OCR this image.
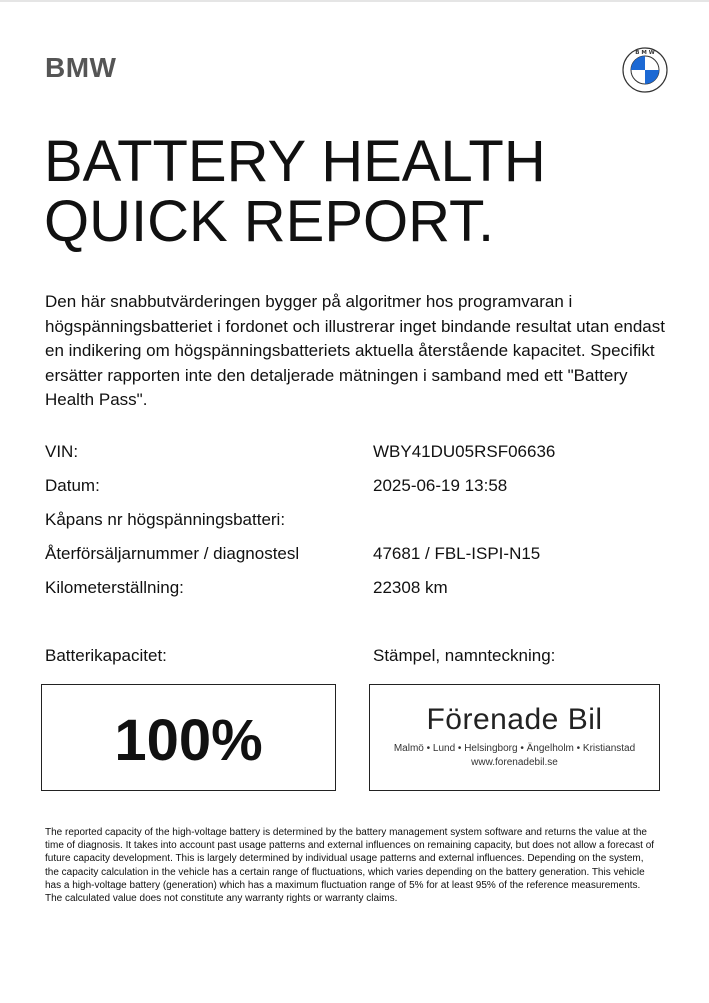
BMW	B M W
BATTERY HEALTH
QUICK REPORT.
Den här snabbutvärderingen bygger på algoritmer hos programvaran i högspänningsbatteriet i fordonet och illustrerar inget bindande resultat utan endast en indikering om högspänningsbatteriets aktuella återstående kapacitet. Specifikt ersätter rapporten inte den detaljerade mätningen i samband med ett "Battery Health Pass".
VIN:	WBY41DU05RSF06636
Datum:	2025-06-19 13:58
Kåpans nr högspänningsbatteri:
Återförsäljarnummer / diagnostesl	47681 / FBL-ISPI-N15
Kilometerställning:	22308 km
Batterikapacitet:	Stämpel, namnteckning:
100%	Förenade Bil
Malmö • Lund • Helsingborg • Ängelholm • Kristianstad
www.forenadebil.se
The reported capacity of the high-voltage battery is determined by the battery management system software and returns the value at the time of diagnosis. It takes into account past usage patterns and external influences on remaining capacity, but does not allow a forecast of future capacity development. This is largely determined by individual usage patterns and external influences. Depending on the system, the capacity calculation in the vehicle has a certain range of fluctuations, which varies depending on the battery generation. This vehicle has a high-voltage battery (generation) which has a maximum fluctuation range of 5% for at least 95% of the reference measurements. The calculated value does not constitute any warranty rights or warranty claims.
